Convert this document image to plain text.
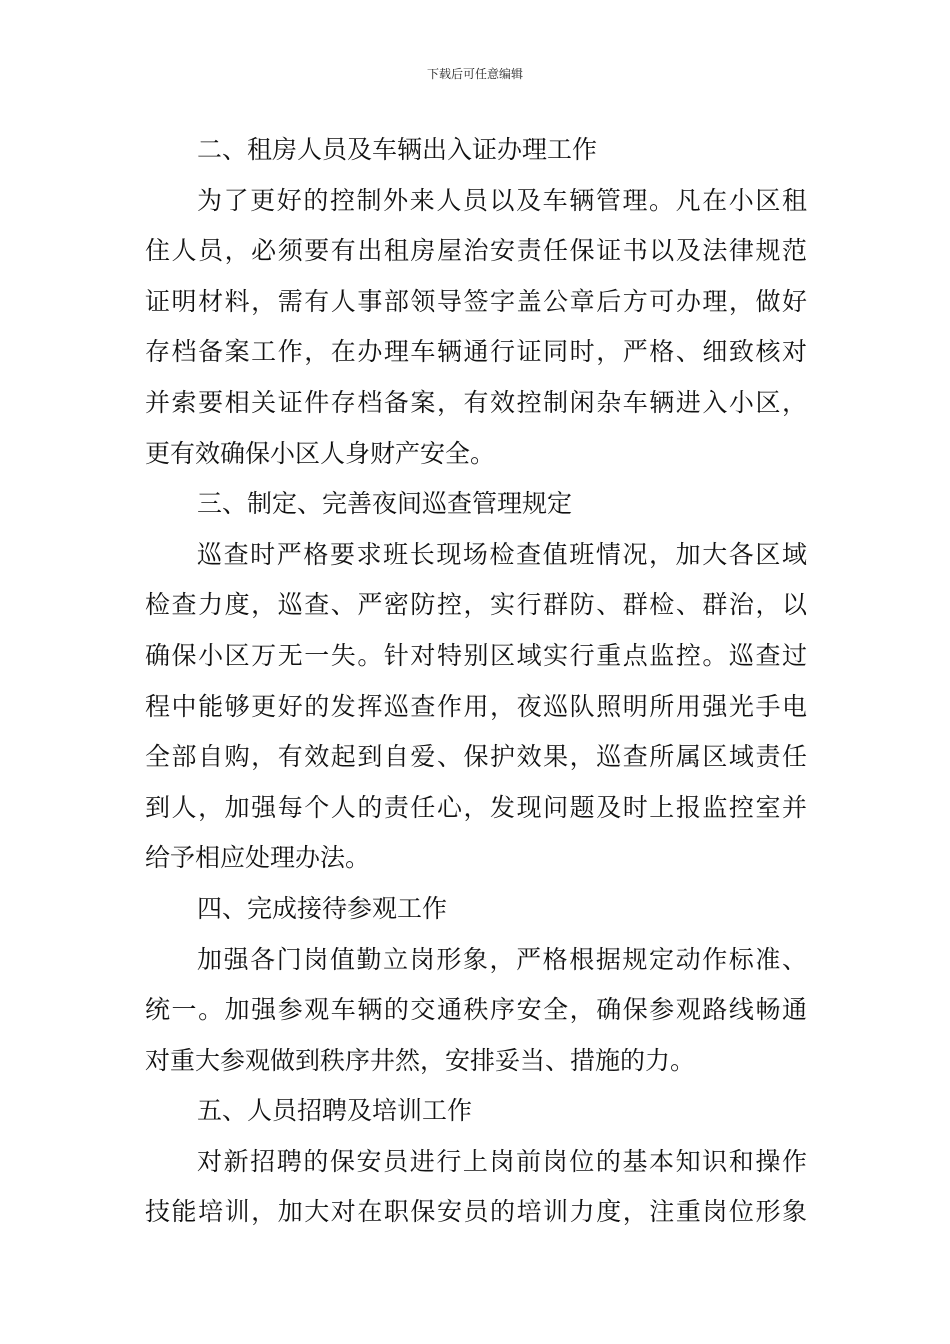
下载后可任意编辑
二、租房人员及车辆出入证办理工作
为了更好的控制外来人员以及车辆管理。凡在小区租
住人员，必须要有出租房屋治安责任保证书以及法律规范
证明材料，需有人事部领导签字盖公章后方可办理，做好
存档备案工作，在办理车辆通行证同时，严格、细致核对
并索要相关证件存档备案，有效控制闲杂车辆进入小区，
更有效确保小区人身财产安全。
三、制定、完善夜间巡查管理规定
巡查时严格要求班长现场检查值班情况，加大各区域
检查力度，巡查、严密防控，实行群防、群检、群治，以
确保小区万无一失。针对特别区域实行重点监控。巡查过
程中能够更好的发挥巡查作用，夜巡队照明所用强光手电
全部自购，有效起到自爱、保护效果，巡查所属区域责任
到人，加强每个人的责任心，发现问题及时上报监控室并
给予相应处理办法。
四、完成接待参观工作
加强各门岗值勤立岗形象，严格根据规定动作标准、
统一。加强参观车辆的交通秩序安全，确保参观路线畅通
对重大参观做到秩序井然，安排妥当、措施的力。
五、人员招聘及培训工作
对新招聘的保安员进行上岗前岗位的基本知识和操作
技能培训，加大对在职保安员的培训力度，注重岗位形象
